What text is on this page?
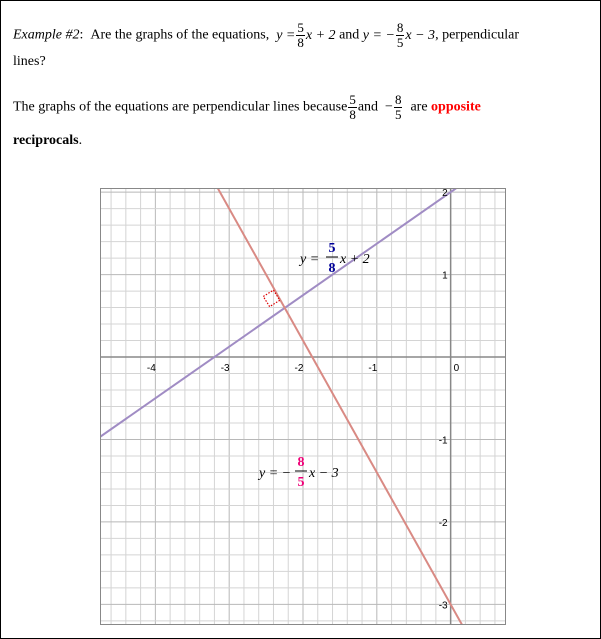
Example #2: Are the graphs of the equations, $y = \frac{5}{8}$ x + 2 and y = − $\frac{8}{5}$ x − 3, perpendicular
lines?
The graphs of the equations are perpendicular lines because $\frac{5}{8}$ and − $\frac{8}{5}$ are opposite
reciprocals.
-4	-3	-2	-1	0
-3
-2
-1
1
2
y =
5
8
x + 2
y = −
8
5
x − 3
